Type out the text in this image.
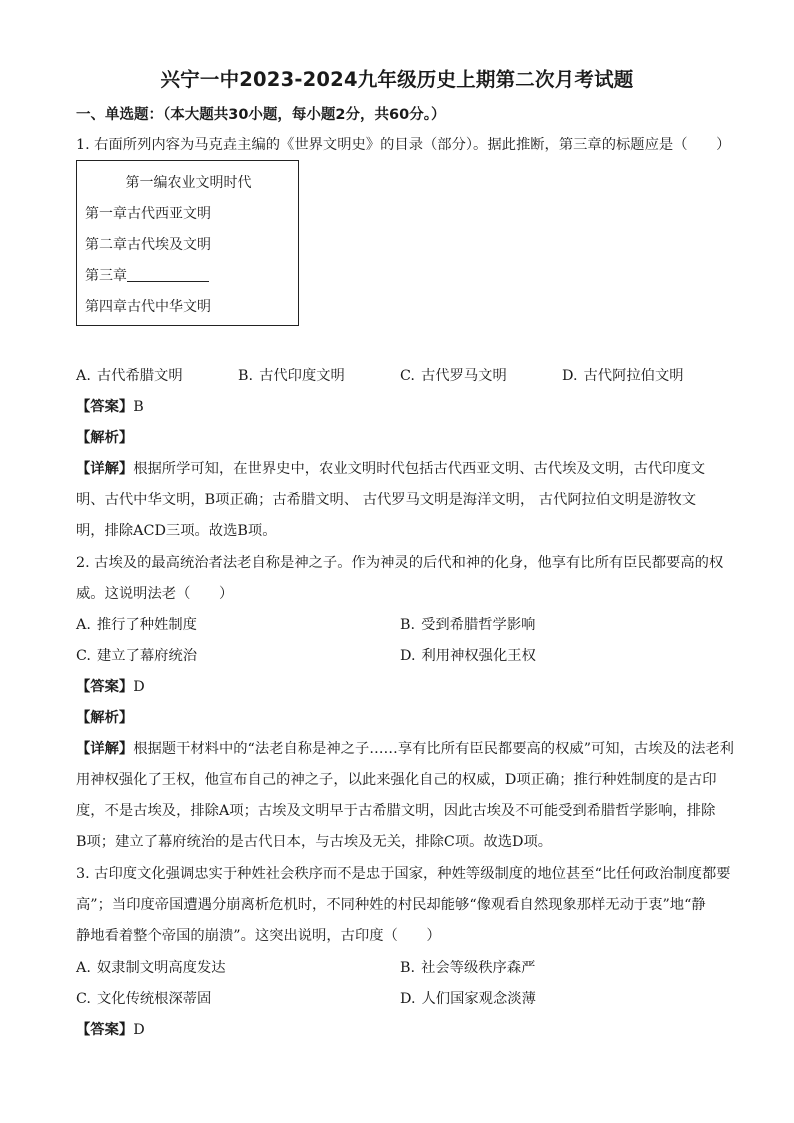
兴宁一中2023-2024九年级历史上期第二次月考试题
一、单选题：（本大题共30小题，每小题2分，共60分。）
1. 右面所列内容为马克垚主编的《世界文明史》的目录（部分）。据此推断，第三章的标题应是（　　）
第一编农业文明时代
第一章古代西亚文明
第二章古代埃及文明
第三章
第四章古代中华文明
A. 古代希腊文明	B. 古代印度文明	C. 古代罗马文明	D. 古代阿拉伯文明
【答案】B
【解析】
【详解】根据所学可知，在世界史中，农业文明时代包括古代西亚文明、古代埃及文明，古代印度文
明、古代中华文明，B项正确；古希腊文明、 古代罗马文明是海洋文明， 古代阿拉伯文明是游牧文
明，排除ACD三项。故选B项。
2. 古埃及的最高统治者法老自称是神之子。作为神灵的后代和神的化身，他享有比所有臣民都要高的权
威。这说明法老（　　）
A. 推行了种姓制度	B. 受到希腊哲学影响
C. 建立了幕府统治	D. 利用神权强化王权
【答案】D
【解析】
【详解】根据题干材料中的“法老自称是神之子……享有比所有臣民都要高的权威”可知，古埃及的法老利
用神权强化了王权，他宣布自己的神之子，以此来强化自己的权威，D项正确；推行种姓制度的是古印
度，不是古埃及，排除A项；古埃及文明早于古希腊文明，因此古埃及不可能受到希腊哲学影响，排除
B项；建立了幕府统治的是古代日本，与古埃及无关，排除C项。故选D项。
3. 古印度文化强调忠实于种姓社会秩序而不是忠于国家，种姓等级制度的地位甚至“比任何政治制度都要
高”；当印度帝国遭遇分崩离析危机时，不同种姓的村民却能够“像观看自然现象那样无动于衷”地“静
静地看着整个帝国的崩溃”。这突出说明，古印度（　　）
A. 奴隶制文明高度发达	B. 社会等级秩序森严
C. 文化传统根深蒂固	D. 人们国家观念淡薄
【答案】D
